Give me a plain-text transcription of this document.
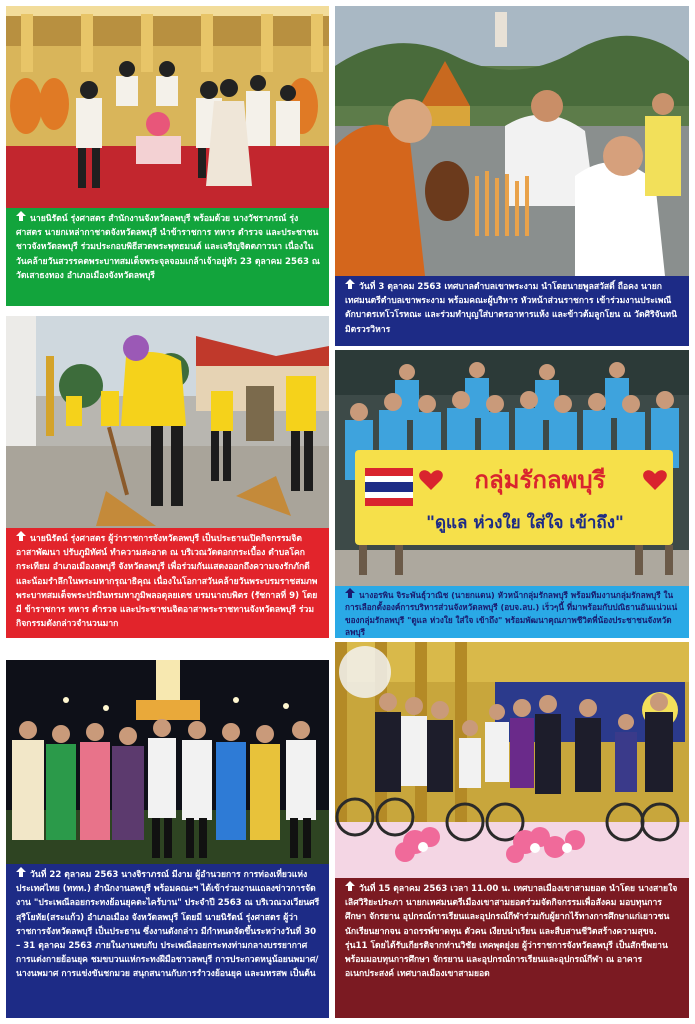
นายนิรัตน์ รุ่งศาสตร สำนักงานจังหวัดลพบุรี พร้อมด้วย นางวัชราภรณ์ รุ่งศาสตร นายกเหล่ากาชาดจังหวัดลพบุรี นำข้าราชการ ทหาร ตำรวจ และประชาชนชาวจังหวัดลพบุรี ร่วมประกอบพิธีสวดพระพุทธมนต์ และเจริญจิตตภาวนา เนื่องในวันคล้ายวันสวรรคตพระบาทสมเด็จพระจุลจอมเกล้าเจ้าอยู่หัว 23 ตุลาคม 2563 ณ วัดเสาธงทอง อำเภอเมืองจังหวัดลพบุรี
วันที่ 3 ตุลาคม 2563 เทศบาลตำบลเขาพระงาม นำโดยนายพูลสวัสดิ์ ถือคง นายกเทศมนตรีตำบลเขาพระงาม พร้อมคณะผู้บริหาร หัวหน้าส่วนราชการ เข้าร่วมงานประเพณีตักบาตรเทโวโรหณะ และร่วมทำบุญใส่บาตรอาหารแห้ง และข้าวต้มลูกโยน ณ วัดศิริจันทนิมิตรวรวิหาร
นายนิรัตน์ รุ่งศาสตร ผู้ว่าราชการจังหวัดลพบุรี เป็นประธานเปิดกิจกรรมจิตอาสาพัฒนา ปรับภูมิทัศน์ ทำความสะอาด ณ บริเวณวัดดอกกระเบื้อง ตำบลโคกกระเทียม อำเภอเมืองลพบุรี จังหวัดลพบุรี เพื่อร่วมกันแสดงออกถึงความจงรักภักดี และน้อมรำลึกในพระมหากรุณาธิคุณ เนื่องในโอกาสวันคล้ายวันพระบรมราชสมภพ พระบาทสมเด็จพระปรมินทรมหาภูมิพลอดุลยเดช บรมนาถบพิตร (รัชกาลที่ 9) โดยมี ข้าราชการ ทหาร ตำรวจ และประชาชนจิตอาสาพระราชทานจังหวัดลพบุรี ร่วมกิจกรรมดังกล่าวจำนวนมาก
กลุ่มรักลพบุรี
"ดูแล ห่วงใย ใส่ใจ เข้าถึง"
นางอรพิน จิระพันธุ์วาณิช (นายกแดน) หัวหน้ากลุ่มรักลพบุรี พร้อมทีมงานกลุ่มรักลพบุรี ในการเลือกตั้งองค์การบริหารส่วนจังหวัดลพบุรี (อบจ.ลบ.) เร็วๆนี้ ที่มาพร้อมกับปณิธานอันแน่วแน่ของกลุ่มรักลพบุรี "ดูแล ห่วงใย ใส่ใจ เข้าถึง" พร้อมพัฒนาคุณภาพชีวิตพี่น้องประชาชนจังหวัดลพบุรี
วันที่ 22 ตุลาคม 2563 นางจิราภรณ์ มีงาม ผู้อำนวยการ การท่องเที่ยวแห่งประเทศไทย (ททท.) สำนักงานลพบุรี พร้อมคณะฯ ได้เข้าร่วมงานแถลงข่าวการจัดงาน "ประเพณีลอยกระทงย้อนยุคตะไคร้บาน" ประจำปี 2563 ณ บริเวณวงเวียนศรีสุริโยทัย(สระแก้ว) อำเภอเมือง จังหวัดลพบุรี โดยมี นายนิรัตน์ รุ่งศาสตร ผู้ว่าราชการจังหวัดลพบุรี เป็นประธาน ซึ่งงานดังกล่าว มีกำหนดจัดขึ้นระหว่างวันที่ 30 – 31 ตุลาคม 2563 ภายในงานพบกับ ประเพณีลอยกระทงท่ามกลางบรรยากาศการแต่งกายย้อนยุค ชมขบวนแห่กระทงฝีมือชาวลพบุรี การประกวดหนูน้อยนพมาศ/นางนพมาศ การแข่งขันชกมวย สนุกสนานกับการรำวงย้อนยุค และมหรสพ เป็นต้น
วันที่ 15 ตุลาคม 2563 เวลา 11.00 น. เทศบาลเมืองเขาสามยอด นำโดย นางสายใจ เลิศวิริยะประภา นายกเทศมนตรีเมืองเขาสามยอดร่วมจัดกิจกรรมเพื่อสังคม มอบทุนการศึกษา จักรยาน อุปกรณ์การเรียนและอุปกรณ์กีฬาร่วมกับผู้ยากไร้ทางการศึกษาแก่เยาวชน นักเรียนยากจน อาถรรพ์ขาดทุน ตัวคน เงียบน่าเรียน และสืบสานชีวิตสร้างความสุขจ. รุ่น11 โดยได้รับเกียรติจากท่านวิชัย เทคพุดยุ่งย ผู้ว่าราชการจังหวัดลพบุรี เป็นสักขีพยาน พร้อมมอบทุนการศึกษา จักรยาน และอุปกรณ์การเรียนและอุปกรณ์กีฬา ณ อาคารอเนกประสงค์ เทศบาลเมืองเขาสามยอด
